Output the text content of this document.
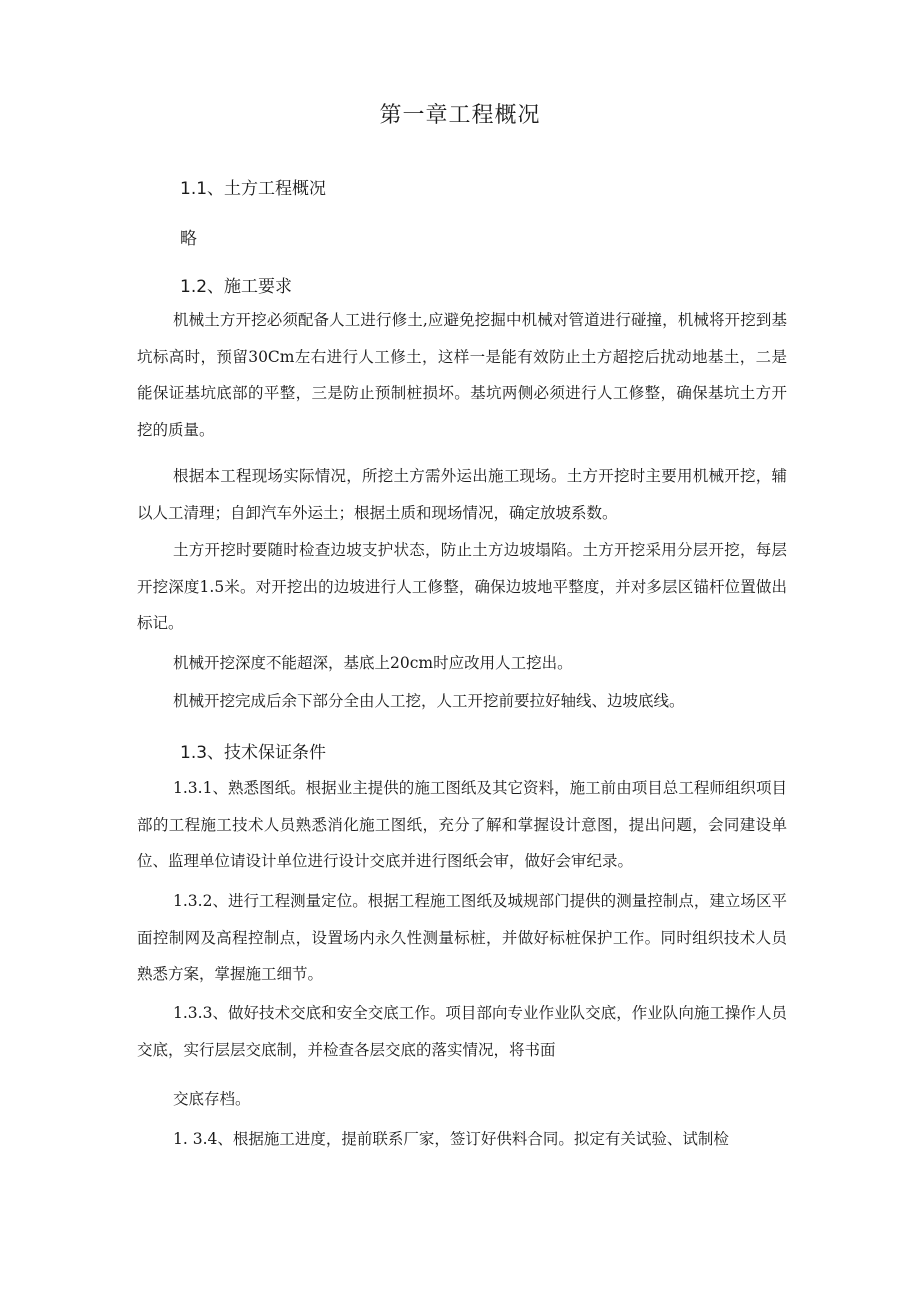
第一章工程概况
1.1、土方工程概况

略

1.2、施工要求

机械土方开挖必须配备人工进行修土,应避免挖掘中机械对管道进行碰撞，机械将开挖到基坑标高时，预留30Cm左右进行人工修土，这样一是能有效防止土方超挖后扰动地基土，二是能保证基坑底部的平整，三是防止预制桩损坏。基坑两侧必须进行人工修整，确保基坑土方开挖的质量。

根据本工程现场实际情况，所挖土方需外运出施工现场。土方开挖时主要用机械开挖，辅以人工清理；自卸汽车外运土；根据土质和现场情况，确定放坡系数。

土方开挖时要随时检查边坡支护状态，防止土方边坡塌陷。土方开挖采用分层开挖，每层开挖深度1.5米。对开挖出的边坡进行人工修整，确保边坡地平整度，并对多层区锚杆位置做出标记。

机械开挖深度不能超深，基底上20cm时应改用人工挖出。

机械开挖完成后余下部分全由人工挖，人工开挖前要拉好轴线、边坡底线。

1.3、技术保证条件

1.3.1、熟悉图纸。根据业主提供的施工图纸及其它资料，施工前由项目总工程师组织项目部的工程施工技术人员熟悉消化施工图纸，充分了解和掌握设计意图，提出问题，会同建设单位、监理单位请设计单位进行设计交底并进行图纸会审，做好会审纪录。

1.3.2、进行工程测量定位。根据工程施工图纸及城规部门提供的测量控制点，建立场区平面控制网及高程控制点，设置场内永久性测量标桩，并做好标桩保护工作。同时组织技术人员熟悉方案，掌握施工细节。

1.3.3、做好技术交底和安全交底工作。项目部向专业作业队交底，作业队向施工操作人员交底，实行层层交底制，并检查各层交底的落实情况，将书面

交底存档。

1. 3.4、根据施工进度，提前联系厂家，签订好供料合同。拟定有关试验、试制检
